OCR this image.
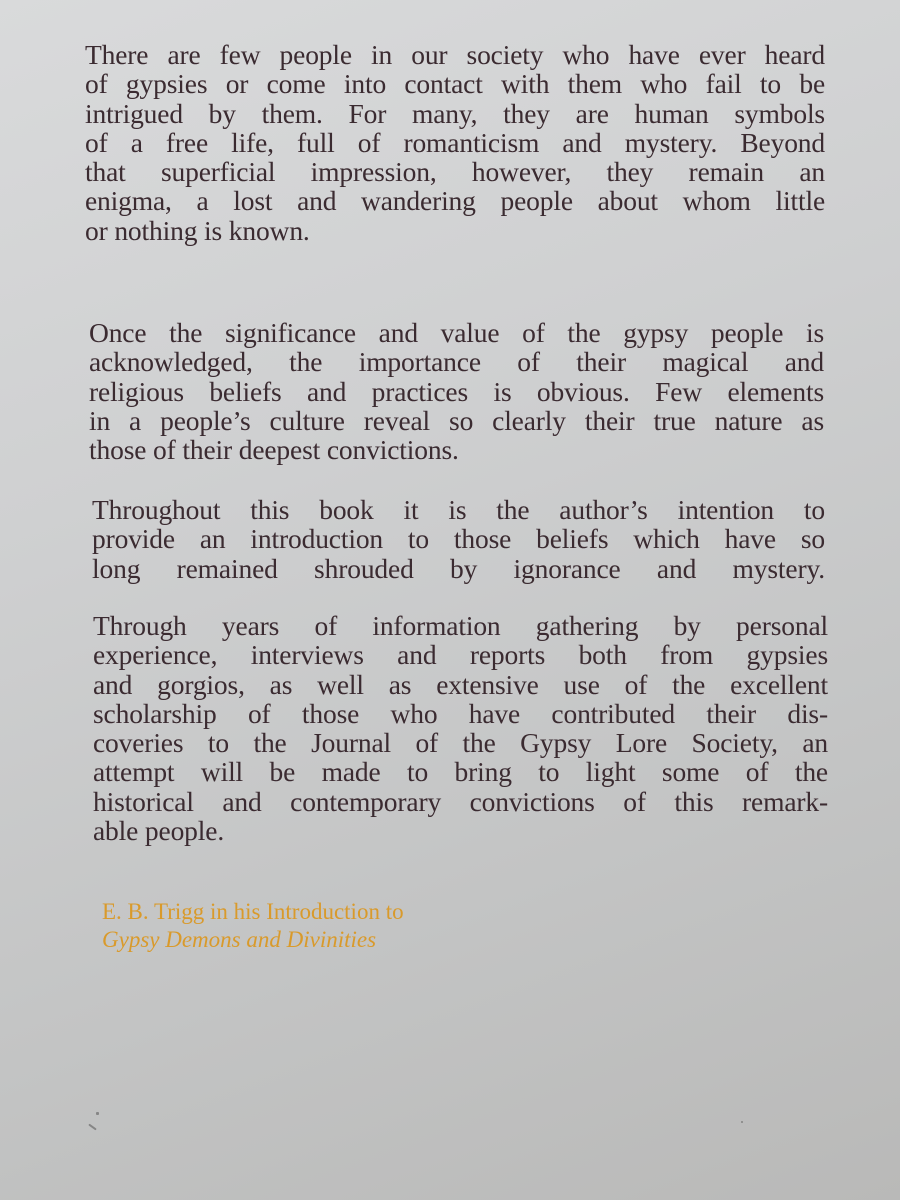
There are few people in our society who have ever heard
of gypsies or come into contact with them who fail to be
intrigued by them. For many, they are human symbols
of a free life, full of romanticism and mystery. Beyond
that superficial impression, however, they remain an
enigma, a lost and wandering people about whom little
or nothing is known.
Once the significance and value of the gypsy people is
acknowledged, the importance of their magical and
religious beliefs and practices is obvious. Few elements
in a people’s culture reveal so clearly their true nature as
those of their deepest convictions.
Throughout this book it is the author’s intention to
provide an introduction to those beliefs which have so
long remained shrouded by ignorance and mystery.
Through years of information gathering by personal
experience, interviews and reports both from gypsies
and gorgios, as well as extensive use of the excellent
scholarship of those who have contributed their dis-
coveries to the Journal of the Gypsy Lore Society, an
attempt will be made to bring to light some of the
historical and contemporary convictions of this remark-
able people.
E. B. Trigg in his Introduction to
Gypsy Demons and Divinities
